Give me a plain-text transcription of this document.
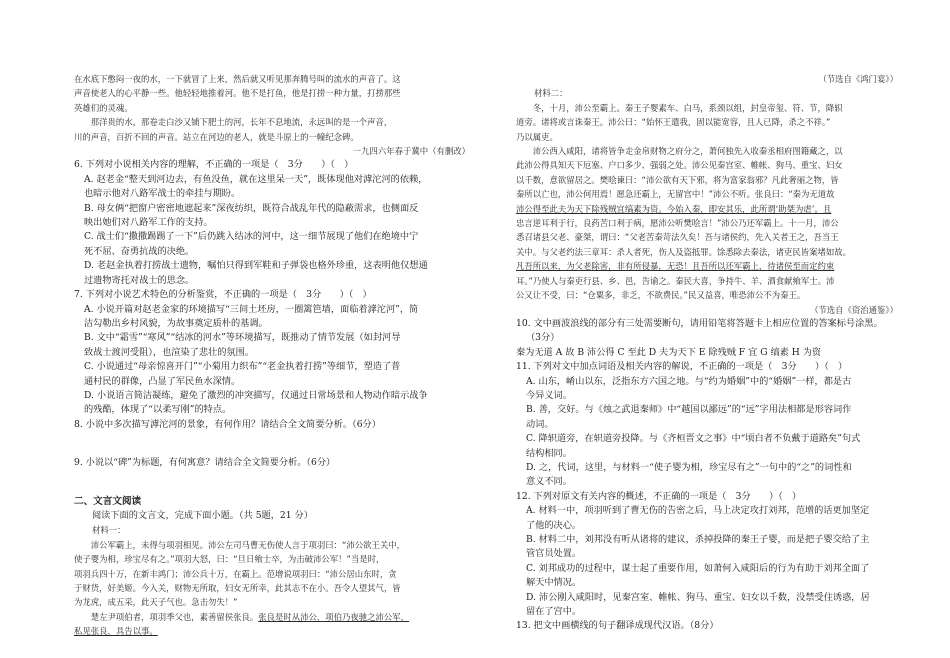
在水底下憋闷一夜的水，一下就冒了上来，然后就又听见那奔腾号叫的流水的声音了。这

声音使老人的心平静一些。他轻轻地推着河。他不是打鱼，他是打捞一种力量，打捞那些

英雄们的灵魂。

　　那洋贵的水，那卷走白沙又铺下肥土的河，长年不息地流，永远叫的是一个声音，

川的声音，百折不回的声音。站立在河边的老人，就是斗原上的一幢纪念碑。

一九四六年春于冀中（有删改）

6. 下列对小说相关内容的理解，不正确的一项是（　3分　　）（　）

A. 赵老金“整天到河边去，有鱼没鱼，就在这里呆一天”，既体现他对滹沱河的依赖，

也暗示他对八路军战士的牵挂与期盼。

B. 母女俩“把窗户密密地遮起来”深夜纺织，既符合战乱年代的隐蔽需求，也侧面反

映出她们对八路军工作的支持。

C. 战士们“撒撒踢踢了一下”后仍跳入结冰的河中，这一细节展现了他们在绝境中宁

死不屈、奋勇抗战的决绝。

D. 老赵金执着打捞战士遗物，嘱怕只得到军鞋和子弹袋也格外珍重，这表明他仅想通

过遗物寄托对战士的思念。

7. 下列对小说艺术特色的分析鉴赏，不正确的一项是（　3分　　）（　）

A. 小说开篇对赵老金家的环境描写“三间土坯房，一圈篱笆墙，面临着滹沱河”，简

洁勾勒出乡村风貌，为故事奠定质朴的基调。

B. 文中“霜雪”“寒风”“结冰的河水”等环境描写，既推动了情节发展（如封河导

致战士渡河受阻），也渲染了悲壮的氛围。

C. 小说通过“母亲惊喜开门”“小菊用力织布”“老金执着打捞”等细节，塑造了普

通村民的群像，凸显了军民鱼水深情。

D. 小说语言简洁凝练，避免了激烈的冲突描写，仅通过日常场景和人物动作暗示战争

的残酷，体现了“以柔写刚”的特点。

8. 小说中多次描写滹沱河的景象，有何作用？请结合全文简要分析。（6分）

9. 小说以“碑”为标题，有何寓意？请结合全文简要分析。（6分）

二、文言文阅读

阅读下面的文言文，完成下面小题。（共 5题，21 分）

材料一：

　　沛公军霸上，未得与项羽相见。沛公左司马曹无伤使人言于项羽曰：“沛公欲王关中，

使子婴为相，珍宝尽有之。”项羽大怒，曰：“旦日飨士卒，为击破沛公军！”当是时，

项羽兵四十万，在新丰鸿门；沛公兵十万，在霸上。范增说项羽曰：“沛公居山东时，贪

于财货，好美姬。今入关，财物无所取，妇女无所幸，此其志不在小。吾令人望其气，皆

为龙虎，成五采，此天子气也。急击勿失！”

　　楚左尹项伯者，项羽季父也，素善留侯张良。张良是时从沛公，项伯乃夜驰之沛公军，

私见张良，具告以事。

（节选自《鸿门宴》）

材料二：

　　冬，十月，沛公至霸上。秦王子婴素车、白马，系颈以组，封皇帝玺、符、节，降轵

道旁。诸将或言诛秦王。沛公曰：“始怀王遣我，固以能宽容，且人已降，杀之不祥。”

乃以属吏。

　　沛公西入咸阳，诸将皆争走金帛财物之府分之，萧何独先入收秦丞相府图籍藏之，以

此沛公得具知天下厄塞、户口多少、强弱之处。沛公见秦宫室、帷帐、狗马、重宝、妇女

以千数，意欲留居之。樊哙谏曰：“沛公欲有天下邪，将为富家翁邪？凡此奢丽之物，皆

秦所以亡也，沛公何用焉！愿急还霸上，无留宫中！”沛公不听。张良曰：“秦为无道故

沛公得至此夫为天下除残贼宜缟素为资。今始入秦，即安其乐，此所谓‘助桀为虐’。且

忠言逆耳利于行，良药苦口利于病，愿沛公听樊哙言！”沛公乃还军霸上。十一月，沛公

悉召诸县父老、豪桀，谓曰：“父老苦秦苛法久矣！吾与诸侯约，先入关者王之，吾当王

关中。与父老约法三章耳：杀人者死，伤人及盗抵罪。馀悉除去秦法，诸吏民皆案堵如故。

凡吾所以来，为父老除害，非有所侵暴，无恐！且吾所以还军霸上，待诸侯至而定约束

耳。”乃使人与秦吏行县、乡、邑，告谕之。秦民大喜，争持牛、羊、酒食献飨军士。沛

公又让不受，曰：“仓粟多，非乏，不欲费民。”民又益喜，唯恐沛公不为秦王。

（节选自《资治通鉴》）

10. 文中画波浪线的部分有三处需要断句，请用铅笔将答题卡上相应位置的答案标号涂黑。

（3分）

秦为无道 A 故 B 沛公得 C 至此 D 夫为天下 E 除残贼 F 宜 G 缟素 H 为资

11. 下列对文中加点词语及相关内容的解说，不正确的一项是（　3分　　）（　）

A. 山东，崤山以东，泛指东方六国之地。与“约为婚姻”中的“婚姻”一样，都是古

今异义词。

B. 善，交好。与《烛之武退秦师》中“越国以鄙远”的“远”字用法相都是形容词作

动词。

C. 降轵道旁，在轵道旁投降。与《齐桓晋文之事》中“顷白者不负戴于道路矣”句式

结构相同。

D. 之，代词，这里，与材料一“使子婴为相，珍宝尽有之”一句中的“之”的词性和

意义不同。

12. 下列对原文有关内容的概述，不正确的一项是（　3分　　）（　）

A. 材料一中，项羽听到了曹无伤的告密之后，马上决定攻打刘邦，范增的话更加坚定

了他的决心。

B. 材料二中，刘邦没有听从诸将的建议，杀掉投降的秦王子婴，而是把子婴交给了主

管官员处置。

C. 刘邦成功的过程中，谋士起了重要作用，如萧何入咸阳后的行为有助于刘邦全面了

解天中情况。

D. 沛公刚入咸阳时，见秦宫室、帷帐、狗马、重宝、妇女以千数，没禁受住诱惑，居

留在了宫中。

13. 把文中画横线的句子翻译成现代汉语。（8分）
